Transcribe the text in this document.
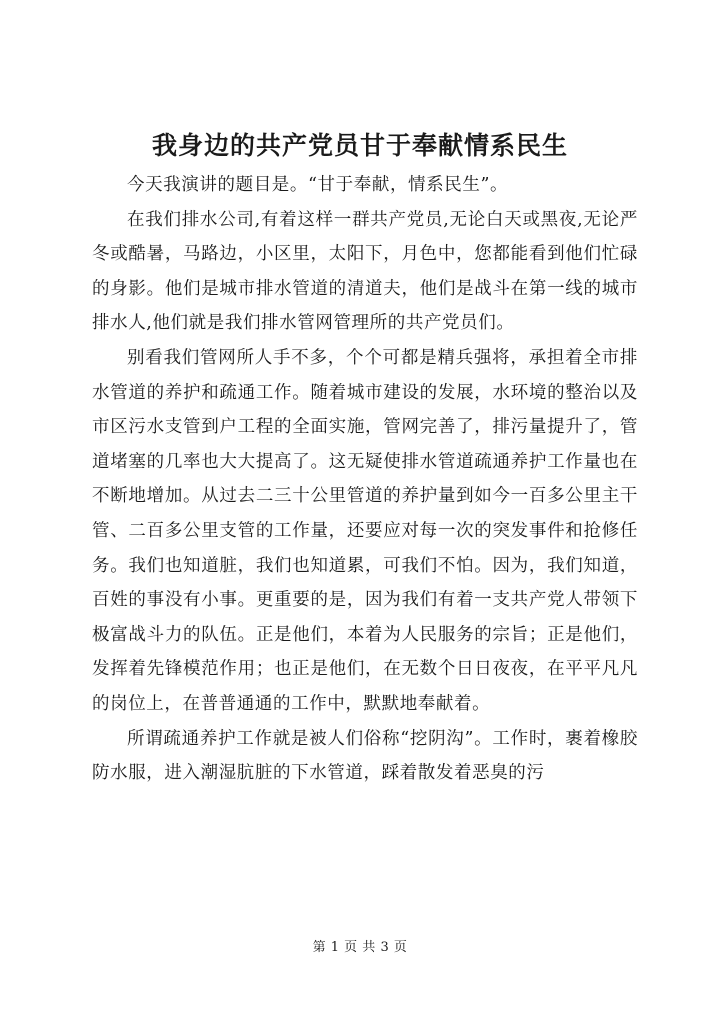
我身边的共产党员甘于奉献情系民生

今天我演讲的题目是。“甘于奉献，情系民生”。

在我们排水公司,有着这样一群共产党员,无论白天或黑夜,无论严冬或酷暑，马路边，小区里，太阳下，月色中，您都能看到他们忙碌的身影。他们是城市排水管道的清道夫，他们是战斗在第一线的城市排水人,他们就是我们排水管网管理所的共产党员们。

别看我们管网所人手不多，个个可都是精兵强将，承担着全市排水管道的养护和疏通工作。随着城市建设的发展，水环境的整治以及市区污水支管到户工程的全面实施，管网完善了，排污量提升了，管道堵塞的几率也大大提高了。这无疑使排水管道疏通养护工作量也在不断地增加。从过去二三十公里管道的养护量到如今一百多公里主干管、二百多公里支管的工作量，还要应对每一次的突发事件和抢修任务。我们也知道脏，我们也知道累，可我们不怕。因为，我们知道，百姓的事没有小事。更重要的是，因为我们有着一支共产党人带领下极富战斗力的队伍。正是他们，本着为人民服务的宗旨；正是他们，发挥着先锋模范作用；也正是他们，在无数个日日夜夜，在平平凡凡的岗位上，在普普通通的工作中，默默地奉献着。

所谓疏通养护工作就是被人们俗称“挖阴沟”。工作时，裹着橡胶防水服，进入潮湿肮脏的下水管道，踩着散发着恶臭的污

第 1 页 共 3 页
